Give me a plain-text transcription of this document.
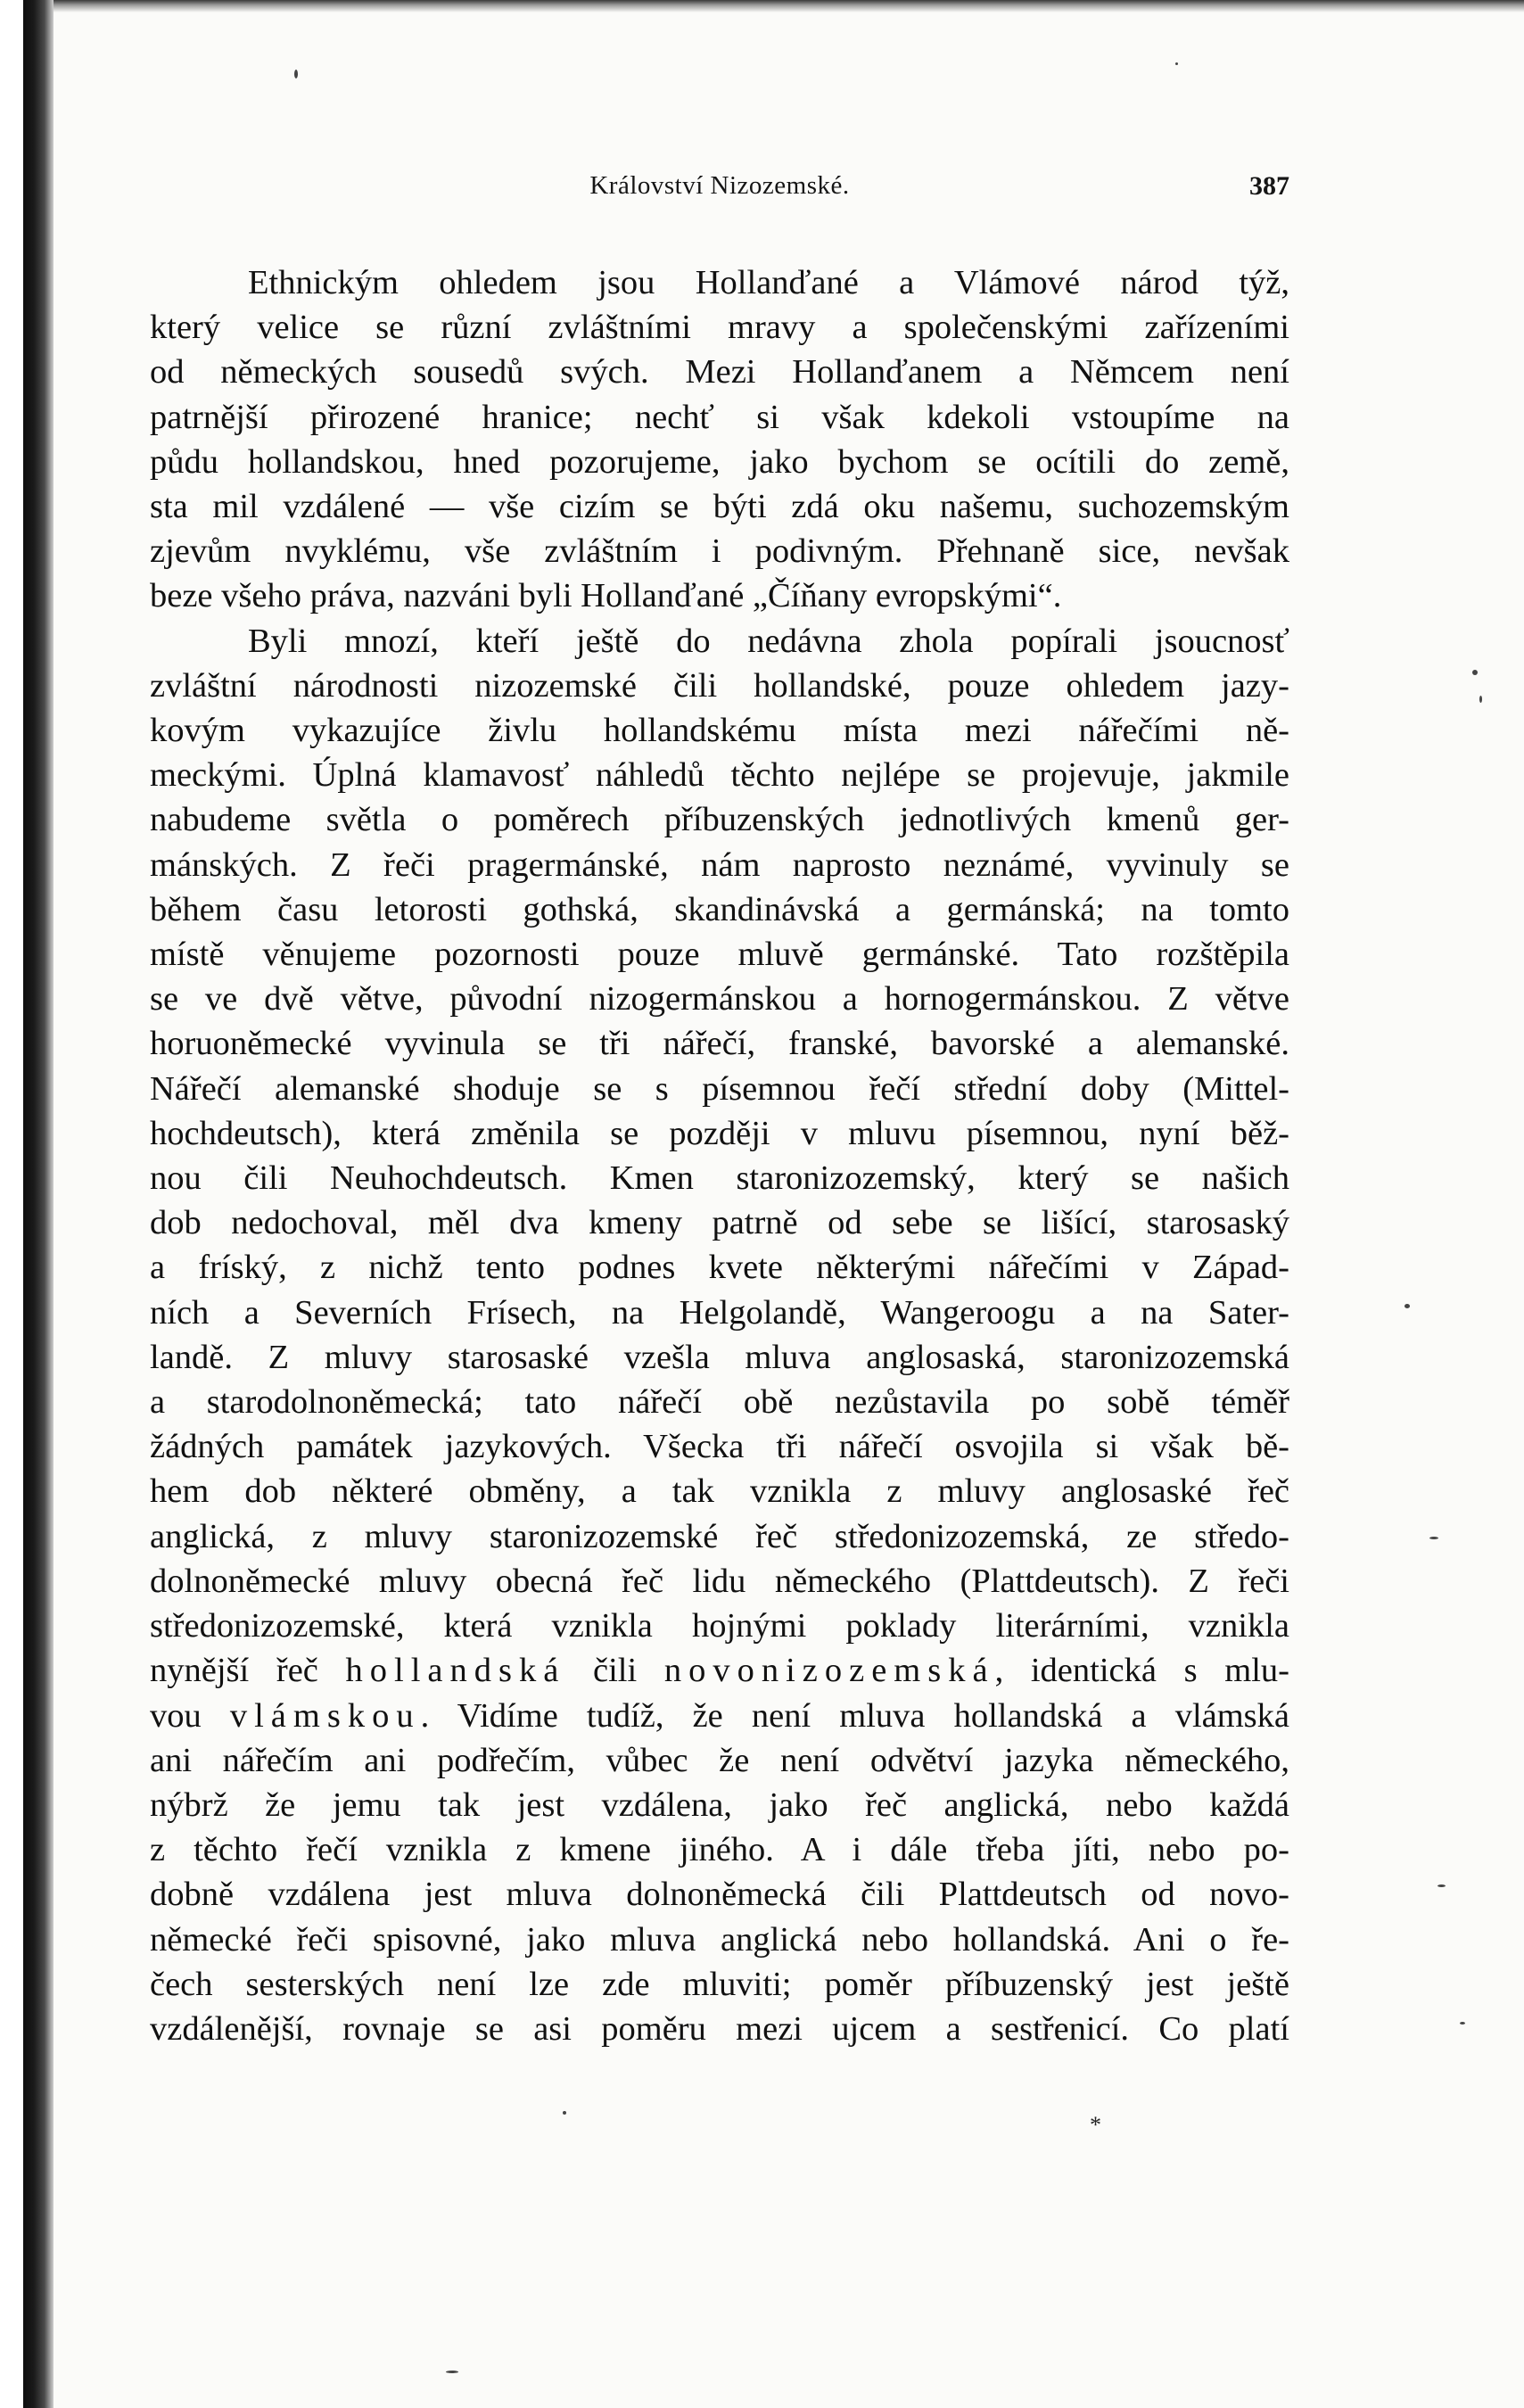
Království Nizozemské.	387

Ethnickým ohledem jsou Hollanďané a Vlámové národ týž,
který velice se různí zvláštními mravy a společenskými zařízeními
od německých sousedů svých. Mezi Hollanďanem a Němcem není
patrnější přirozené hranice; nechť si však kdekoli vstoupíme na
půdu hollandskou, hned pozorujeme, jako bychom se ocítili do země,
sta mil vzdálené — vše cizím se býti zdá oku našemu, suchozemským
zjevům nvyklému, vše zvláštním i podivným. Přehnaně sice, nevšak
beze všeho práva, nazváni byli Hollanďané „Číňany evropskými“.

Byli mnozí, kteří ještě do nedávna zhola popírali jsoucnosť
zvláštní národnosti nizozemské čili hollandské, pouze ohledem jazy-
kovým vykazujíce živlu hollandskému místa mezi nářečími ně-
meckými. Úplná klamavosť náhledů těchto nejlépe se projevuje, jakmile
nabudeme světla o poměrech příbuzenských jednotlivých kmenů ger-
mánských. Z řeči pragermánské, nám naprosto neznámé, vyvinuly se
během času letorosti gothská, skandinávská a germánská; na tomto
místě věnujeme pozornosti pouze mluvě germánské. Tato rozštěpila
se ve dvě větve, původní nizogermánskou a hornogermánskou. Z větve
horuoněmecké vyvinula se tři nářečí, franské, bavorské a alemanské.
Nářečí alemanské shoduje se s písemnou řečí střední doby (Mittel-
hochdeutsch), která změnila se později v mluvu písemnou, nyní běž-
nou čili Neuhochdeutsch. Kmen staronizozemský, který se našich
dob nedochoval, měl dva kmeny patrně od sebe se lišící, starosaský
a fríský, z nichž tento podnes kvete některými nářečími v Západ-
ních a Severních Frísech, na Helgolandě, Wangeroogu a na Sater-
landě. Z mluvy starosaské vzešla mluva anglosaská, staronizozemská
a starodolnoněmecká; tato nářečí obě nezůstavila po sobě téměř
žádných památek jazykových. Všecka tři nářečí osvojila si však bě-
hem dob některé obměny, a tak vznikla z mluvy anglosaské řeč
anglická, z mluvy staronizozemské řeč středonizozemská, ze středo-
dolnoněmecké mluvy obecná řeč lidu německého (Plattdeutsch). Z řeči
středonizozemské, která vznikla hojnými poklady literárními, vznikla
nynější řeč hollandská čili novonizozemská, identická s mlu-
vou vlámskou. Vidíme tudíž, že není mluva hollandská a vlámská
ani nářečím ani podřečím, vůbec že není odvětví jazyka německého,
nýbrž že jemu tak jest vzdálena, jako řeč anglická, nebo každá
z těchto řečí vznikla z kmene jiného. A i dále třeba jíti, nebo po-
dobně vzdálena jest mluva dolnoněmecká čili Plattdeutsch od novo-
německé řeči spisovné, jako mluva anglická nebo hollandská. Ani o ře-
čech sesterských není lze zde mluviti; poměr příbuzenský jest ještě
vzdálenější, rovnaje se asi poměru mezi ujcem a sestřenicí. Co platí

*
